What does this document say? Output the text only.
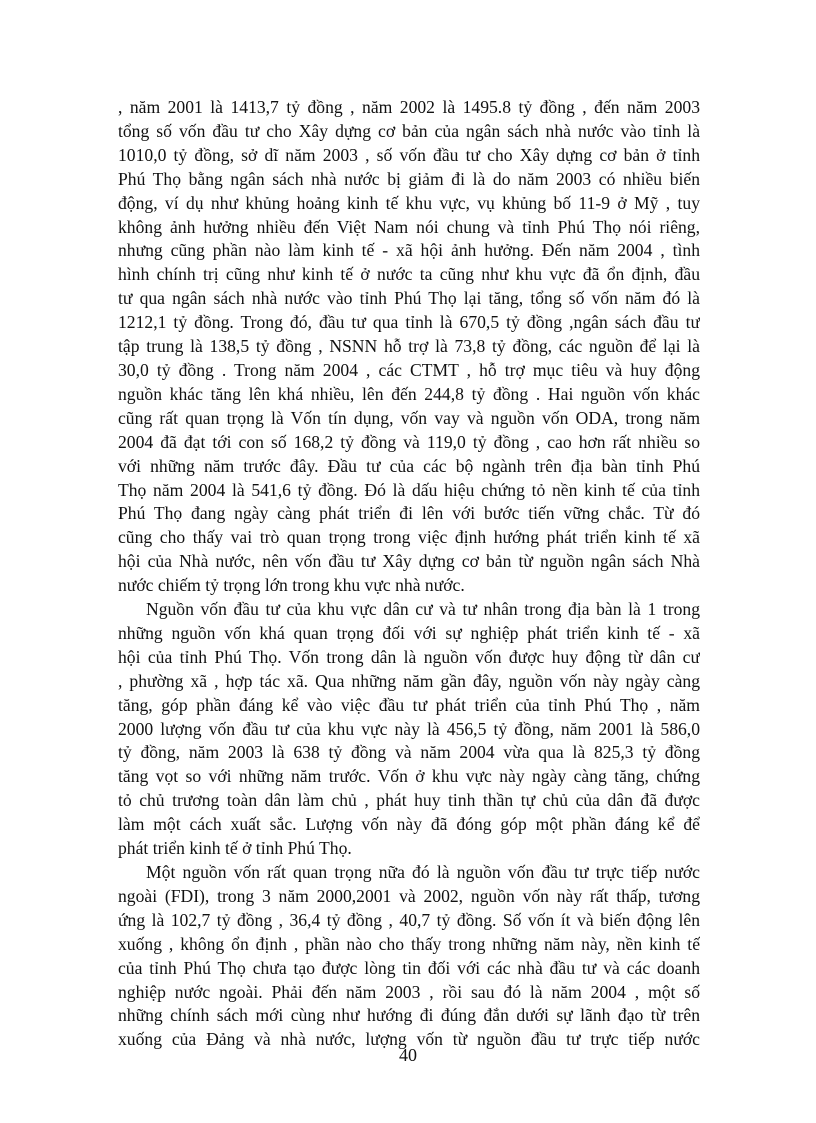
, năm 2001 là 1413,7 tỷ đồng , năm 2002 là 1495.8 tỷ đồng , đến năm 2003
tổng số vốn đầu tư cho Xây dựng cơ bản của ngân sách nhà nước vào tỉnh là
1010,0 tỷ đồng, sở dĩ năm 2003 , số vốn đầu tư cho Xây dựng cơ bản ở tỉnh
Phú Thọ bằng ngân sách nhà nước bị giảm đi là do năm 2003 có nhiều biến
động, ví dụ như khủng hoảng kinh tế khu vực, vụ khủng bố 11-9 ở Mỹ , tuy
không ảnh hưởng nhiều đến Việt Nam nói chung và tỉnh Phú Thọ nói riêng,
nhưng cũng phần nào làm kinh tế - xã hội ảnh hưởng. Đến năm 2004 , tình
hình chính trị cũng như kinh tế ở nước ta cũng như khu vực đã ổn định, đầu
tư qua ngân sách nhà nước vào tỉnh Phú Thọ lại tăng, tổng số vốn năm đó là
1212,1 tỷ đồng. Trong đó, đầu tư qua tỉnh là 670,5 tỷ đồng ,ngân sách đầu tư
tập trung là 138,5 tỷ đồng , NSNN hỗ trợ là 73,8 tỷ đồng, các nguồn để lại là
30,0 tỷ đồng . Trong năm 2004 , các CTMT , hỗ trợ mục tiêu và huy động
nguồn khác tăng lên khá nhiều, lên đến 244,8 tỷ đồng . Hai nguồn vốn khác
cũng rất quan trọng là Vốn tín dụng, vốn vay và nguồn vốn ODA, trong năm
2004 đã đạt tới con số 168,2 tỷ đồng và 119,0 tỷ đồng , cao hơn rất nhiều so
với những năm trước đây. Đầu tư của các bộ ngành trên địa bàn tỉnh Phú
Thọ năm 2004 là 541,6 tỷ đồng. Đó là dấu hiệu chứng tỏ nền kinh tế của tỉnh
Phú Thọ đang ngày càng phát triển đi lên với bước tiến vững chắc. Từ đó
cũng cho thấy vai trò quan trọng trong việc định hướng phát triển kinh tế xã
hội của Nhà nước, nên vốn đầu tư Xây dựng cơ bản từ nguồn ngân sách Nhà
nước chiếm tỷ trọng lớn trong khu vực nhà nước.
Nguồn vốn đầu tư của khu vực dân cư và tư nhân trong địa bàn là 1 trong
những nguồn vốn khá quan trọng đối với sự nghiệp phát triển kinh tế - xã
hội của tỉnh Phú Thọ. Vốn trong dân là nguồn vốn được huy động từ dân cư
, phường xã , hợp tác xã. Qua những năm gần đây, nguồn vốn này ngày càng
tăng, góp phần đáng kể vào việc đầu tư phát triển của tỉnh Phú Thọ , năm
2000 lượng vốn đầu tư của khu vực này là 456,5 tỷ đồng, năm 2001 là 586,0
tỷ đồng, năm 2003 là 638 tỷ đồng và năm 2004 vừa qua là 825,3 tỷ đồng
tăng vọt so với những năm trước. Vốn ở khu vực này ngày càng tăng, chứng
tỏ chủ trương toàn dân làm chủ , phát huy tinh thần tự chủ của dân đã được
làm một cách xuất sắc. Lượng vốn này đã đóng góp một phần đáng kể để
phát triển kinh tế ở tỉnh Phú Thọ.
Một nguồn vốn rất quan trọng nữa đó là nguồn vốn đầu tư trực tiếp nước
ngoài (FDI), trong 3 năm 2000,2001 và 2002, nguồn vốn này rất thấp, tương
ứng là 102,7 tỷ đồng , 36,4 tỷ đồng , 40,7 tỷ đồng. Số vốn ít và biến động lên
xuống , không ổn định , phần nào cho thấy trong những năm này, nền kinh tế
của tỉnh Phú Thọ chưa tạo được lòng tin đối với các nhà đầu tư và các doanh
nghiệp nước ngoài. Phải đến năm 2003 , rồi sau đó là năm 2004 , một số
những chính sách mới cùng như hướng đi đúng đắn dưới sự lãnh đạo từ trên
xuống của Đảng và nhà nước, lượng vốn từ nguồn đầu tư trực tiếp nước
40
